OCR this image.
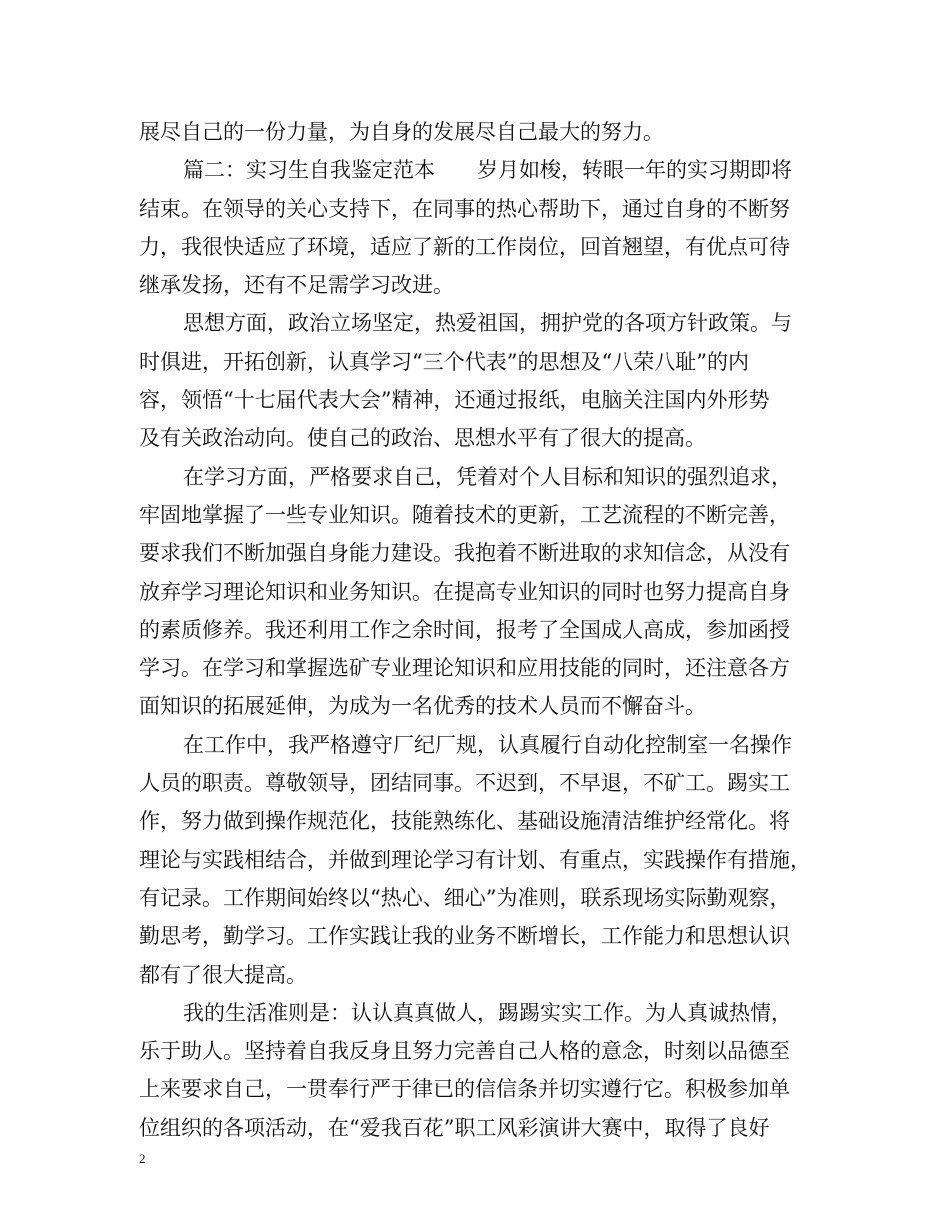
展尽自己的一份力量，为自身的发展尽自己最大的努力。
篇二：实习生自我鉴定范本　　岁月如梭，转眼一年的实习期即将
结束。在领导的关心支持下，在同事的热心帮助下，通过自身的不断努
力，我很快适应了环境，适应了新的工作岗位，回首翘望，有优点可待
继承发扬，还有不足需学习改进。
思想方面，政治立场坚定，热爱祖国，拥护党的各项方针政策。与
时俱进，开拓创新，认真学习“三个代表”的思想及“八荣八耻”的内
容，领悟“十七届代表大会”精神，还通过报纸，电脑关注国内外形势
及有关政治动向。使自己的政治、思想水平有了很大的提高。
在学习方面，严格要求自己，凭着对个人目标和知识的强烈追求，
牢固地掌握了一些专业知识。随着技术的更新，工艺流程的不断完善，
要求我们不断加强自身能力建设。我抱着不断进取的求知信念，从没有
放弃学习理论知识和业务知识。在提高专业知识的同时也努力提高自身
的素质修养。我还利用工作之余时间，报考了全国成人高成，参加函授
学习。在学习和掌握选矿专业理论知识和应用技能的同时，还注意各方
面知识的拓展延伸，为成为一名优秀的技术人员而不懈奋斗。
在工作中，我严格遵守厂纪厂规，认真履行自动化控制室一名操作
人员的职责。尊敬领导，团结同事。不迟到，不早退，不矿工。踢实工
作，努力做到操作规范化，技能熟练化、基础设施清洁维护经常化。将
理论与实践相结合，并做到理论学习有计划、有重点，实践操作有措施，
有记录。工作期间始终以“热心、细心”为准则，联系现场实际勤观察，
勤思考，勤学习。工作实践让我的业务不断增长，工作能力和思想认识
都有了很大提高。
我的生活准则是：认认真真做人，踢踢实实工作。为人真诚热情，
乐于助人。坚持着自我反身且努力完善自己人格的意念，时刻以品德至
上来要求自己，一贯奉行严于律已的信信条并切实遵行它。积极参加单
位组织的各项活动，在“爱我百花”职工风彩演讲大赛中，取得了良好
2
